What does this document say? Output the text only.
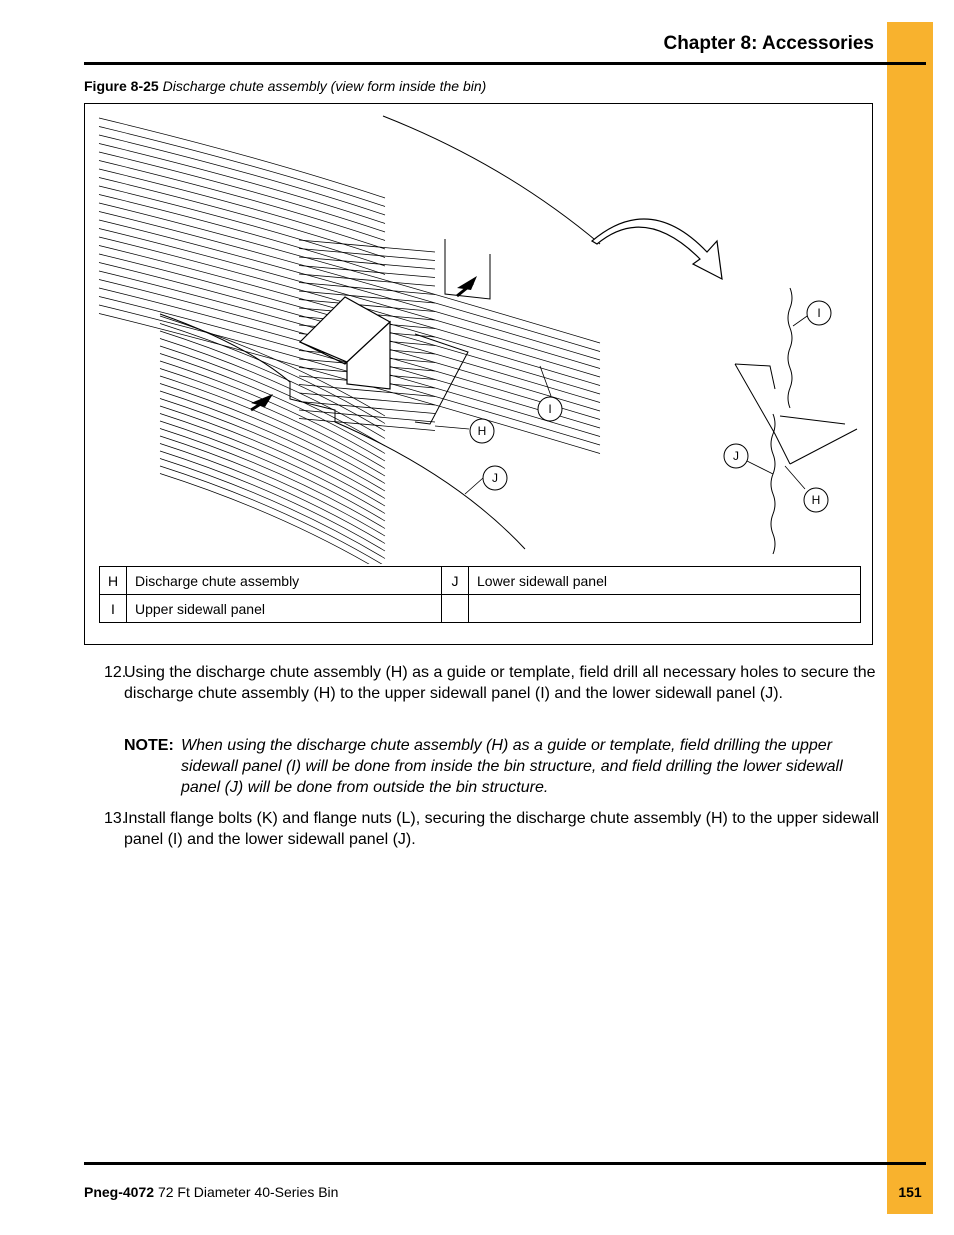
Chapter 8: Accessories
Figure 8-25 Discharge chute assembly (view form inside the bin)
H
I
J
I
J
H
H	Discharge chute assembly	J	Lower sidewall panel
I	Upper sidewall panel		
12.
Using the discharge chute assembly (H) as a guide or template, field drill all necessary holes to secure the discharge chute assembly (H) to the upper sidewall panel (I) and the lower sidewall panel (J).
NOTE: When using the discharge chute assembly (H) as a guide or template, field drilling the upper sidewall panel (I) will be done from inside the bin structure, and field drilling the lower sidewall panel (J) will be done from outside the bin structure.
13.
Install flange bolts (K) and flange nuts (L), securing the discharge chute assembly (H) to the upper sidewall panel (I) and the lower sidewall panel (J).
Pneg-4072 72 Ft Diameter 40-Series Bin	151
